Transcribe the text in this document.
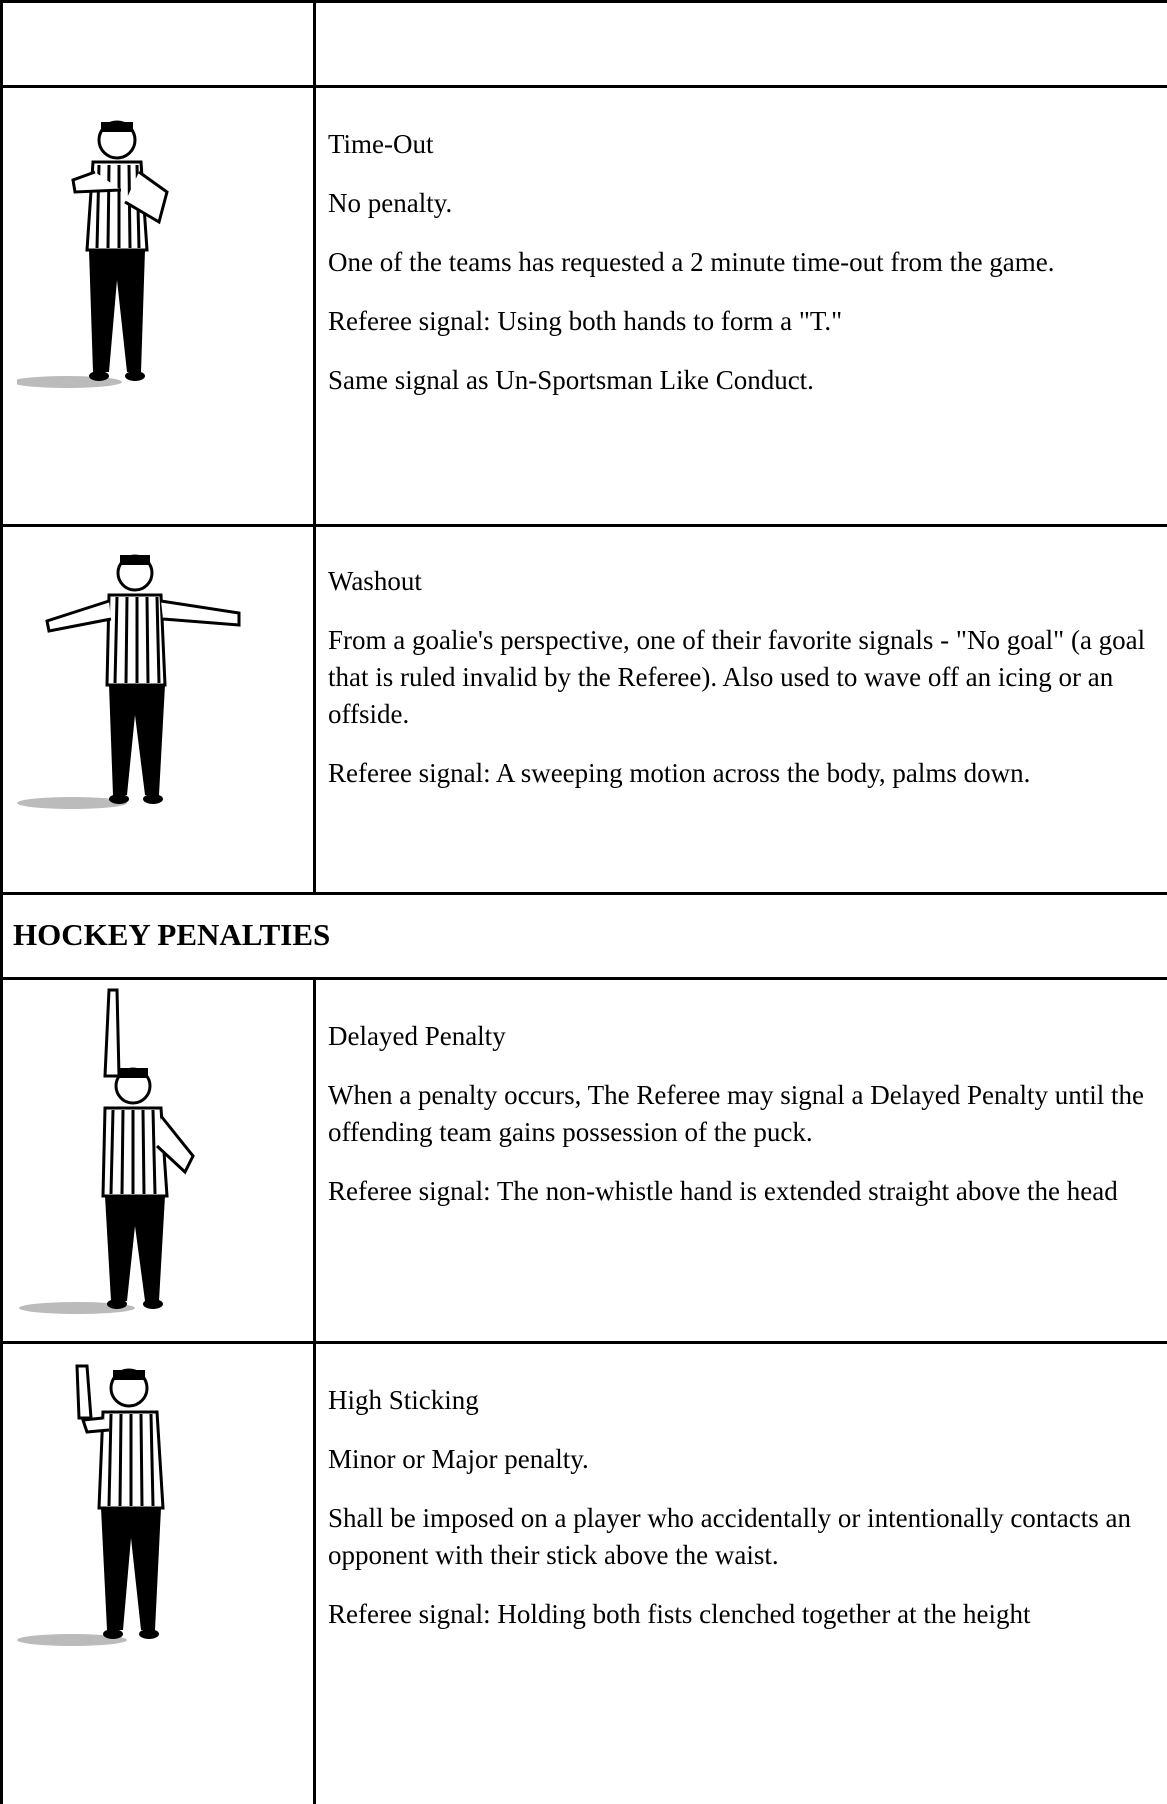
Time-Out

No penalty.

One of the teams has requested a 2 minute time-out from the game.

Referee signal: Using both hands to form a "T."

Same signal as Un-Sportsman Like Conduct.

Washout

From a goalie's perspective, one of their favorite signals - "No goal" (a goal that is ruled invalid by the Referee). Also used to wave off an icing or an offside.

Referee signal: A sweeping motion across the body, palms down.

HOCKEY PENALTIES

Delayed Penalty

When a penalty occurs, The Referee may signal a Delayed Penalty until the offending team gains possession of the puck.

Referee signal: The non-whistle hand is extended straight above the head

High Sticking

Minor or Major penalty.

Shall be imposed on a player who accidentally or intentionally contacts an opponent with their stick above the waist.

Referee signal: Holding both fists clenched together at the height
